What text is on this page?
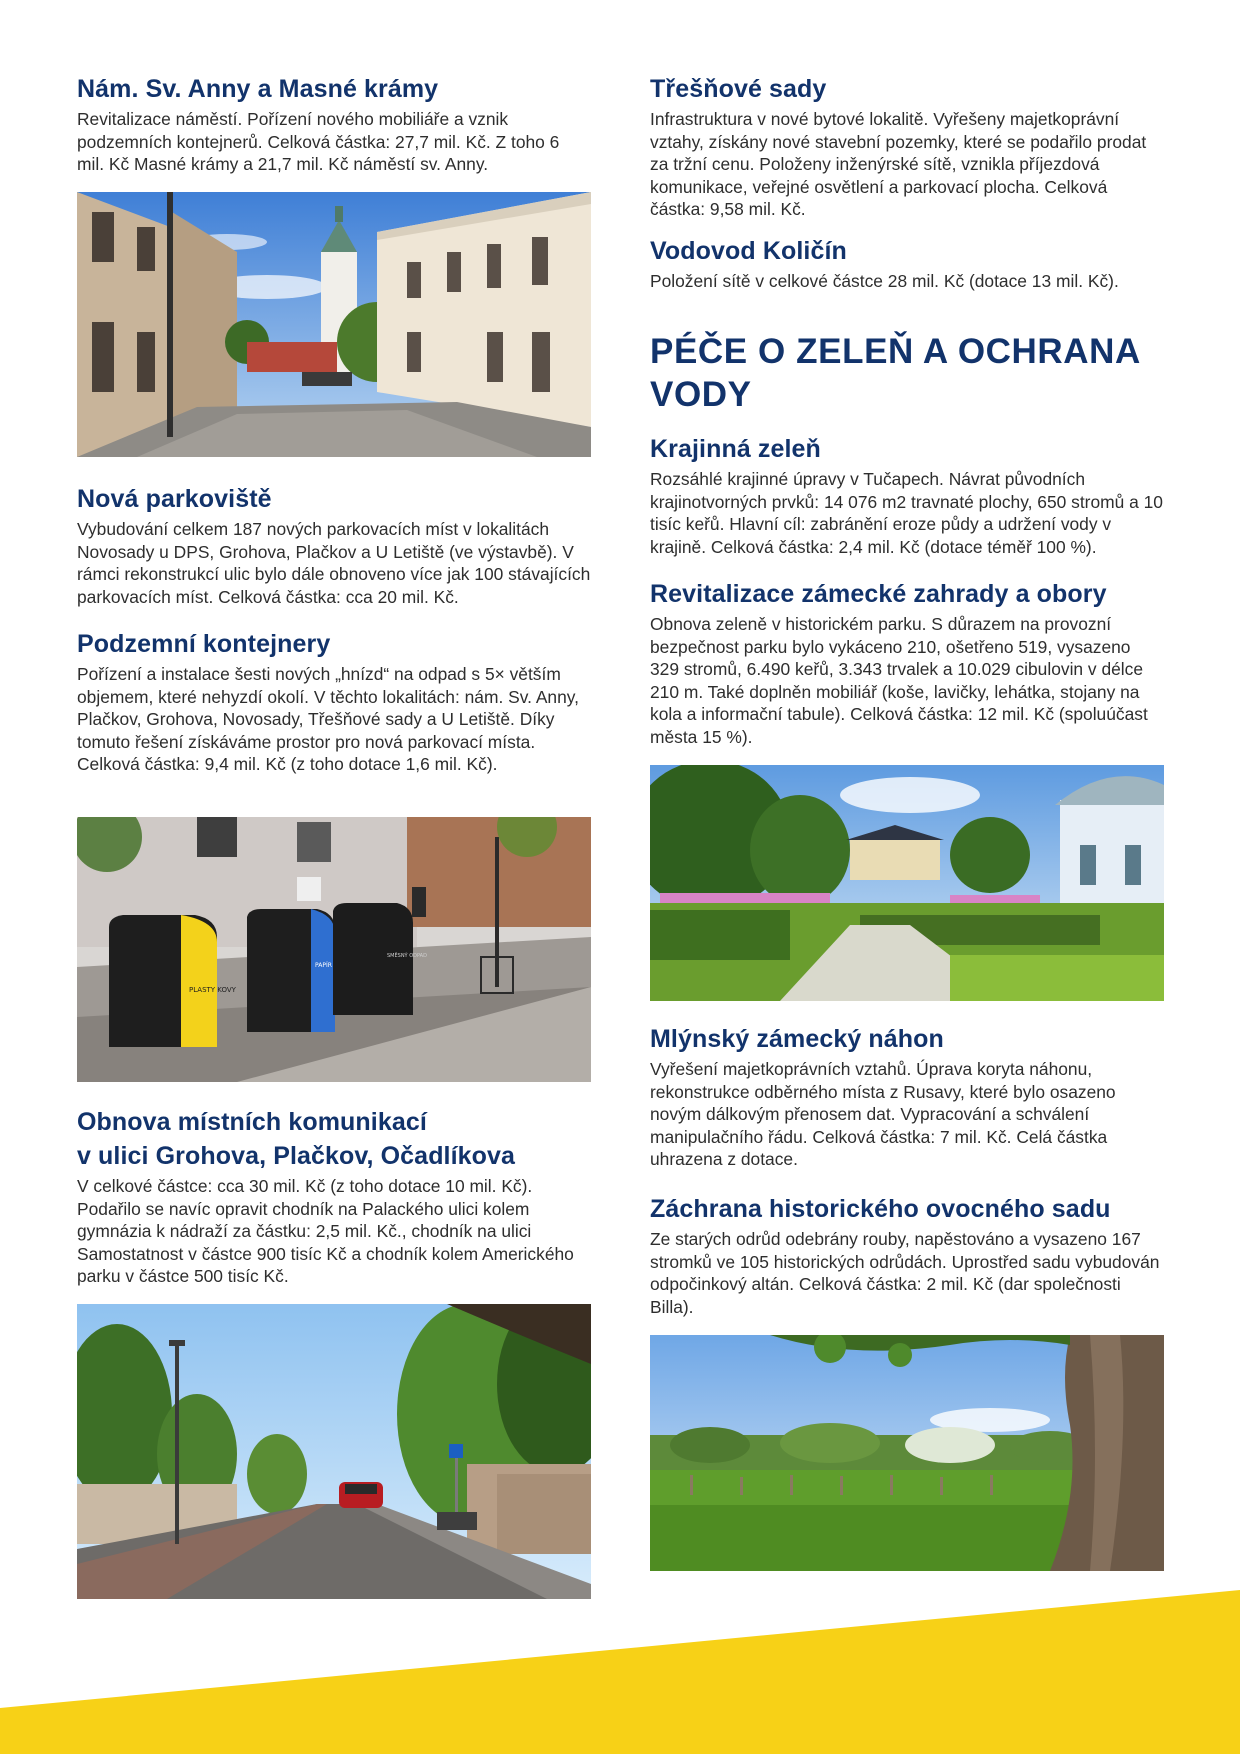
Nám. Sv. Anny a Masné krámy

Revitalizace náměstí. Pořízení nového mobiliáře a vznik podzemních kontejnerů. Celková částka: 27,7 mil. Kč. Z toho 6 mil. Kč Masné krámy a 21,7 mil. Kč náměstí sv. Anny.

Nová parkoviště

Vybudování celkem 187 nových parkovacích míst v lokalitách Novosady u DPS, Grohova, Plačkov a U Letiště (ve výstavbě). V rámci rekonstrukcí ulic bylo dále obnoveno více jak 100 stávajících parkovacích míst. Celková částka: cca 20 mil. Kč.

Podzemní kontejnery

Pořízení a instalace šesti nových „hnízd“ na odpad s 5× větším objemem, které nehyzdí okolí. V těchto lokalitách: nám. Sv. Anny, Plačkov, Grohova, Novosady, Třešňové sady a U Letiště. Díky tomuto řešení získáváme prostor pro nová parkovací místa. Celková částka: 9,4 mil. Kč (z toho dotace 1,6 mil. Kč).

PLASTY KOVY
PAPÍR
SMĚSNÝ ODPAD
Obnova místních komunikací
v ulici Grohova, Plačkov, Očadlíkova

V celkové částce: cca 30 mil. Kč (z toho dotace 10 mil. Kč). Podařilo se navíc opravit chodník na Palackého ulici kolem gymnázia k nádraží za částku: 2,5 mil. Kč., chodník na ulici Samostatnost v částce 900 tisíc Kč a chodník kolem Amerického parku v částce 500 tisíc Kč.

Třešňové sady

Infrastruktura v nové bytové lokalitě. Vyřešeny majetkoprávní vztahy, získány nové stavební pozemky, které se podařilo prodat za tržní cenu. Položeny inženýrské sítě, vznikla příjezdová komunikace, veřejné osvětlení a parkovací plocha. Celková částka: 9,58 mil. Kč.

Vodovod Količín

Položení sítě v celkové částce 28 mil. Kč (dotace 13 mil. Kč).

PÉČE O ZELEŇ A OCHRANA
VODY
Krajinná zeleň

Rozsáhlé krajinné úpravy v Tučapech. Návrat původních krajinotvorných prvků: 14 076 m2 travnaté plochy, 650 stromů a 10 tisíc keřů. Hlavní cíl: zabránění eroze půdy a udržení vody v krajině. Celková částka: 2,4 mil. Kč (dotace téměř 100 %).

Revitalizace zámecké zahrady a obory

Obnova zeleně v historickém parku. S důrazem na provozní bezpečnost parku bylo vykáceno 210, ošetřeno 519, vysazeno 329 stromů, 6.490 keřů, 3.343 trvalek a 10.029 cibulovin v délce 210 m. Také doplněn mobiliář (koše, lavičky, lehátka, stojany na kola a informační tabule). Celková částka: 12 mil. Kč (spoluúčast města 15 %).

Mlýnský zámecký náhon

Vyřešení majetkoprávních vztahů. Úprava koryta náhonu, rekonstrukce odběrného místa z Rusavy, které bylo osazeno novým dálkovým přenosem dat. Vypracování a schválení manipulačního řádu. Celková částka: 7 mil. Kč. Celá částka uhrazena z dotace.

Záchrana historického ovocného sadu

Ze starých odrůd odebrány rouby, napěstováno a vysazeno 167 stromků ve 105 historických odrůdách. Uprostřed sadu vybudován odpočinkový altán. Celková částka: 2 mil. Kč (dar společnosti Billa).
